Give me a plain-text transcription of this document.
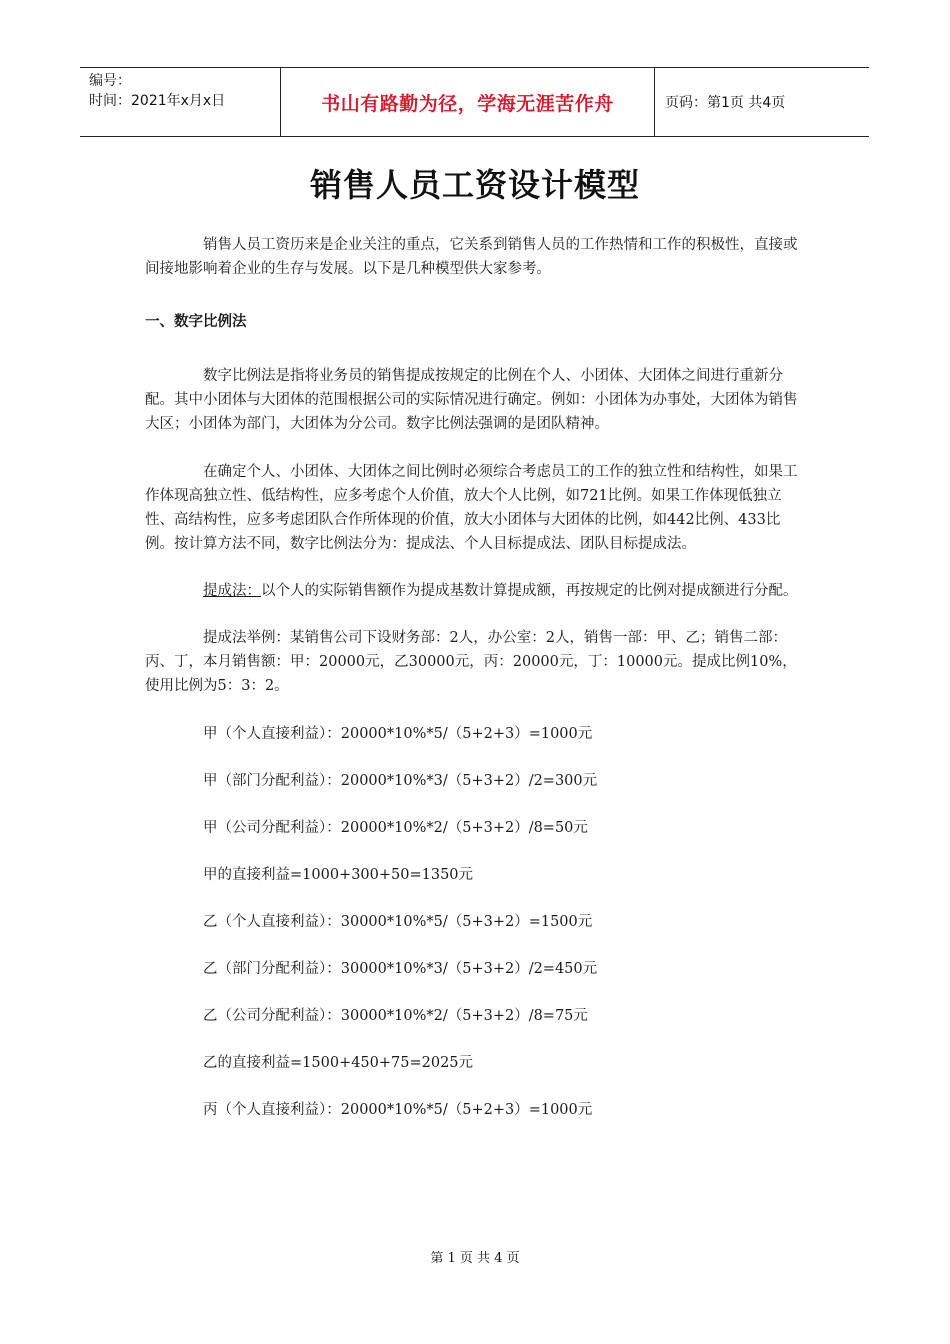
编号：
时间：2021年x月x日	书山有路勤为径，学海无涯苦作舟	页码：第1页 共4页
销售人员工资设计模型

销售人员工资历来是企业关注的重点，它关系到销售人员的工作热情和工作的积极性，直接或间接地影响着企业的生存与发展。以下是几种模型供大家参考。

一、数字比例法

数字比例法是指将业务员的销售提成按规定的比例在个人、小团体、大团体之间进行重新分配。其中小团体与大团体的范围根据公司的实际情况进行确定。例如：小团体为办事处，大团体为销售大区；小团体为部门，大团体为分公司。数字比例法强调的是团队精神。

在确定个人、小团体、大团体之间比例时必须综合考虑员工的工作的独立性和结构性，如果工作体现高独立性、低结构性，应多考虑个人价值，放大个人比例，如721比例。如果工作体现低独立性、高结构性，应多考虑团队合作所体现的价值，放大小团体与大团体的比例，如442比例、433比例。按计算方法不同，数字比例法分为：提成法、个人目标提成法、团队目标提成法。

提成法：以个人的实际销售额作为提成基数计算提成额，再按规定的比例对提成额进行分配。

提成法举例：某销售公司下设财务部：2人，办公室：2人，销售一部：甲、乙；销售二部：丙、丁，本月销售额：甲：20000元，乙30000元，丙：20000元，丁：10000元。提成比例10%，使用比例为5：3：2。

甲（个人直接利益）：20000*10%*5/（5+2+3）=1000元

甲（部门分配利益）：20000*10%*3/（5+3+2）/2=300元

甲（公司分配利益）：20000*10%*2/（5+3+2）/8=50元

甲的直接利益=1000+300+50=1350元

乙（个人直接利益）：30000*10%*5/（5+3+2）=1500元

乙（部门分配利益）：30000*10%*3/（5+3+2）/2=450元

乙（公司分配利益）：30000*10%*2/（5+3+2）/8=75元

乙的直接利益=1500+450+75=2025元

丙（个人直接利益）：20000*10%*5/（5+2+3）=1000元

第 1 页 共 4 页
